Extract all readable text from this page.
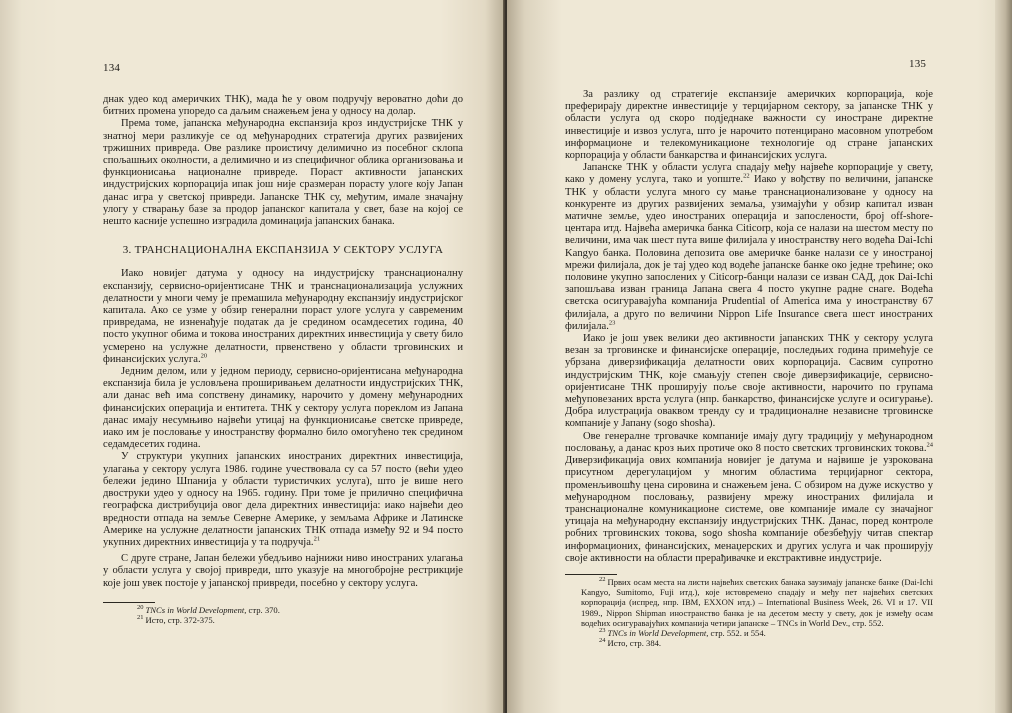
134

днак удео код америчких ТНК), мада ће у овом подручју вероватно доћи до битних промена упоредо са даљим снажењем јена у односу на долар.

Према томе, јапанска међународна експанзија кроз индустријске ТНК у знатној мери разликује се од међународних стратегија других развијених тржишних привреда. Ове разлике проистичу делимично из посебног склопа спољашњих околности, а делимично и из специфичног облика организовања и функционисања националне привреде. Пораст активности јапанских индустријских корпорација ипак још није сразмеран порасту улоге коју Јапан данас игра у светској привреди. Јапанске ТНК су, међутим, имале значајну улогу у стварању базе за продор јапанског капитала у свет, базе на којој се нешто касније успешно изградила доминација јапанских банака.

3. ТРАНСНАЦИОНАЛНА ЕКСПАНЗИЈА У СЕКТОРУ УСЛУГА

Иако новијег датума у односу на индустријску транснационалну експанзију, сервисно-оријентисане ТНК и транснационализација услужних делатности у многи чему је премашила међународну експанзију индустријског капитала. Ако се узме у обзир генерални пораст улоге услуга у савременим привредама, не изненађује податак да је средином осамдесетих година, 40 посто укупног обима и токова иностраних директних инвестиција у свету било усмерено на услужне делатности, првенствено у области трговинских и финансијских услуга.$^{20}$

Једним делом, или у једном периоду, сервисно-оријентисана међународна експанзија била је условљена проширивањем делатности индустријских ТНК, али данас већ има сопствену динамику, нарочито у домену међународних финансијских операција и ентитета. ТНК у сектору услуга пореклом из Јапана данас имају несумњиво највећи утицај на функционисање светске привреде, иако им је пословање у иностранству формално било омогућено тек средином седамдесетих година.

У структури укупних јапанских иностраних директних инвестиција, улагања у сектору услуга 1986. године учествовала су са 57 посто (већи удео бележи једино Шпанија у области туристичких услуга), што је више него двоструки удео у односу на 1965. годину. При томе је прилично специфична географска дистрибуција овог дела директних инвестиција: иако највећи део вредности отпада на земље Северне Америке, у земљама Африке и Латинске Америке на услужне делатности јапанских ТНК отпада између 92 и 94 посто укупних директних инвестиција у та подручја.$^{21}$

С друге стране, Јапан бележи убедљиво најнижи ниво иностраних улагања у области услуга у својој привреди, што указује на многобројне рестрикције које још увек постоје у јапанској привреди, посебно у сектору услуга.

$^{20}$ TNCs in World Development, стр. 370.

$^{21}$ Исто, стр. 372-375.

135

За разлику од стратегије експанзије америчких корпорација, које преферирају директне инвестиције у терцијарном сектору, за јапанске ТНК у области услуга од скоро подједнаке важности су иностране директне инвестиције и извоз услуга, што је нарочито потенцирано масовном употребом информационе и телекомуникационе технологије од стране јапанских корпорација у области банкарства и финансијских услуга.

Јапанске ТНК у области услуга спадају међу највеће корпорације у свету, како у домену услуга, тако и уопште.$^{22}$ Иако у вођству по величини, јапанске ТНК у области услуга много су мање транснационализоване у односу на конкуренте из других развијених земаља, узимајући у обзир капитал изван матичне земље, удео иностраних операција и запослености, број off-shore-центара итд. Највећа америчка банка Citicorp, која се налази на шестом месту по величини, има чак шест пута више филијала у иностранству него водећа Dai-Ichi Kangyo банка. Половина депозита ове америчке банке налази се у иностраној мрежи филијала, док је тај удео код водеће јапанске банке око једне трећине; око половине укупно запослених у Citicorp-банци налази се изван САД, док Dai-Ichi запошљава изван граница Јапана свега 4 посто укупне радне снаге. Водећа светска осигуравајућа компанија Prudential of America има у иностранству 67 филијала, а друго по величини Nippon Life Insurance свега шест иностраних филијала.$^{23}$

Иако је још увек велики део активности јапанских ТНК у сектору услуга везан за трговинске и финансијске операције, последњих година примећује се убрзана диверзификација делатности ових корпорација. Сасвим супротно индустријским ТНК, које смањују степен своје диверзификације, сервисно-оријентисане ТНК проширују поље своје активности, нарочито по групама међуповезаних врста услуга (нпр. банкарство, финансијске услуге и осигурање). Добра илустрација оваквом тренду су и традиционалне независне трговинске компаније у Јапану (sogo shosha).

Ове генералне трговачке компаније имају дугу традицију у међународном пословању, а данас кроз њих протиче око 8 посто светских трговинских токова.$^{24}$ Диверзификација ових компанија новијег је датума и највише је узрокована присутном дерегулацијом у многим областима терцијарног сектора, променљивошћу цена сировина и снажењем јена. С обзиром на дуже искуство у међународном пословању, развијену мрежу иностраних филијала и транснационалне комуникационе системе, ове компаније имале су значајног утицаја на међународну експанзију индустријских ТНК. Данас, поред контроле робних трговинских токова, sogo shosha компаније обезбеђују читав спектар информационих, финансијских, менаџерских и других услуга и чак проширују своје активности на области прерађивачке и екстрактивне индустрије.

$^{22}$ Првих осам места на листи највећих светских банака заузимају јапанске банке (Dai-Ichi Kangyo, Sumitomo, Fuji итд.), које истовремено спадају и међу пет највећих светских корпорација (испред, нпр. IBM, EXXON итд.) – International Business Week, 26. VI и 17. VII 1989., Nippon Shipman иностранство банка је на десетом месту у свету, док је између осам водећих осигуравајућих компанија четири јапанске – TNCs in World Dev., стр. 552.

$^{23}$ TNCs in World Development, стр. 552. и 554.

$^{24}$ Исто, стр. 384.
